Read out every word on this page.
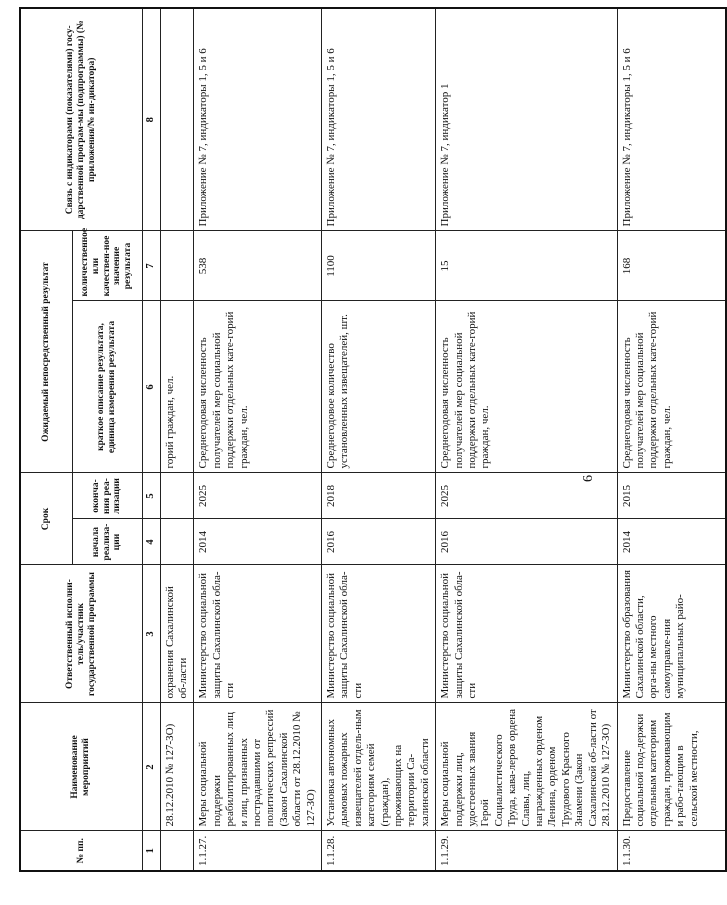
6
№ пп.	Наименование мероприятий	Ответственный исполни-тель/участник государственной программы	Срок		Ожидаемый непосредственный результат		Связь с индикаторами (показателями) госу-дарственной програм-мы (подпрограммы) (№ приложения/№ ин-дикатора)
			начала реализа-ции	оконча-ния реа-лизации	краткое описание результата, единица измерения результата	количественное или качествен-ное значение результата	
1	2	3	4	5	6	7	8
	28.12.2010 № 127-ЗО)	охранения Сахалинской об-ласти			горий граждан, чел.		
1.1.27.	Меры социальной поддержки реабилитированных лиц и лиц, признанных пострадавшими от политических репрессий (Закон Сахалинской области от 28.12.2010 № 127-ЗО)	Министерство социальной защиты Сахалинской обла-сти	2014	2025	Среднегодовая численность получателей мер социальной поддержки отдельных кате-горий граждан, чел.	538	Приложение № 7, индикаторы 1, 5 и 6
1.1.28.	Установка автономных дымовых пожарных извещателей отдель-ным категориям семей (граждан), проживающих на территории Са-халинской области	Министерство социальной защиты Сахалинской обла-сти	2016	2018	Среднегодовое количество установленных извещателей, шт.	1100	Приложение № 7, индикаторы 1, 5 и 6
1.1.29.	Меры социальной поддержки лиц, удостоенных звания Герой Социалистического Труда, кава-леров ордена Славы, лиц, награжденных орденом Ленина, орденом Трудового Красного Знамени (Закон Сахалинской об-ласти от 28.12.2010 № 127-ЗО)	Министерство социальной защиты Сахалинской обла-сти	2016	2025	Среднегодовая численность получателей мер социальной поддержки отдельных кате-горий граждан, чел.	15	Приложение № 7, индикатор 1
1.1.30.	Предоставление социальной под-держки отдельным категориям граждан, проживающим и рабо-тающим в сельской местности,	Министерство образования Сахалинской области, орга-ны местного самоуправле-ния муниципальных райо-	2014	2015	Среднегодовая численность получателей мер социальной поддержки отдельных кате-горий граждан, чел.	168	Приложение № 7, индикаторы 1, 5 и 6
